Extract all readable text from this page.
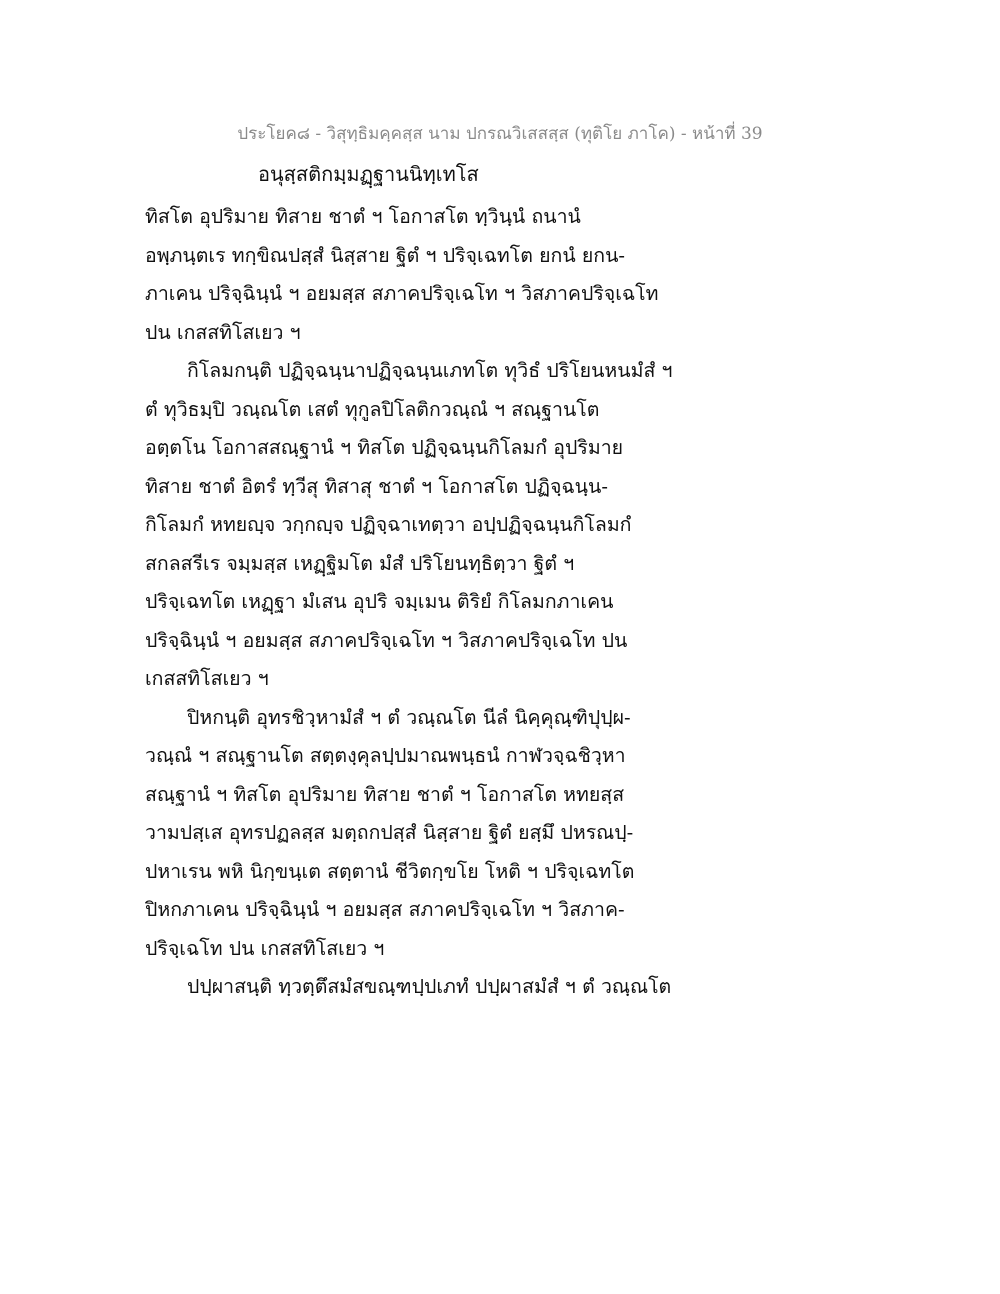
ประโยค๘ - วิสุทฺธิมคฺคสฺส นาม ปกรณวิเสสสฺส (ทุติโย ภาโค) - หน้าที่ 39
อนุสฺสติกมฺมฏฺฐานนิทฺเทโส
ทิสโต อุปริมาย ทิสาย ชาตํ ฯ โอกาสโต ทฺวินฺนํ ถนานํ
อพฺภนฺตเร ทกฺขิณปสฺสํ นิสฺสาย ฐิตํ ฯ ปริจฺเฉทโต ยกนํ ยกน-
ภาเคน ปริจฺฉินฺนํ ฯ อยมสฺส สภาคปริจฺเฉโท ฯ วิสภาคปริจฺเฉโท
ปน เกสสทิโสเยว ฯ
กิโลมกนฺติ ปฏิจฺฉนฺนาปฏิจฺฉนฺนเภทโต ทุวิธํ ปริโยนหนมํสํ ฯ
ตํ ทุวิธมฺปิ วณฺณโต เสตํ ทุกูลปิโลติกวณฺณํ ฯ สณฺฐานโต
อตฺตโน โอกาสสณฺฐานํ ฯ ทิสโต ปฏิจฺฉนฺนกิโลมกํ อุปริมาย
ทิสาย ชาตํ อิตรํ ทฺวีสุ ทิสาสุ ชาตํ ฯ โอกาสโต ปฏิจฺฉนฺน-
กิโลมกํ หทยญฺจ วกฺกญฺจ ปฏิจฺฉาเทตฺวา อปฺปฏิจฺฉนฺนกิโลมกํ
สกลสรีเร จมฺมสฺส เหฏฺฐิมโต มํสํ ปริโยนทฺธิตฺวา ฐิตํ ฯ
ปริจฺเฉทโต เหฏฺฐา มํเสน อุปริ จมฺเมน ติริยํ กิโลมกภาเคน
ปริจฺฉินฺนํ ฯ อยมสฺส สภาคปริจฺเฉโท ฯ วิสภาคปริจฺเฉโท ปน
เกสสทิโสเยว ฯ
ปิหกนฺติ อุทรชิวฺหามํสํ ฯ ตํ วณฺณโต นีลํ นิคฺคุณฺฑิปุปฺผ-
วณฺณํ ฯ สณฺฐานโต สตฺตงฺคุลปฺปมาณพนฺธนํ กาฬวจฺฉชิวฺหา
สณฺฐานํ ฯ ทิสโต อุปริมาย ทิสาย ชาตํ ฯ โอกาสโต หทยสฺส
วามปสฺเส อุทรปฏลสฺส มตฺถกปสฺสํ นิสฺสาย ฐิตํ ยสฺมึ ปหรณปฺ-
ปหาเรน พหิ นิกฺขนฺเต สตฺตานํ ชีวิตกฺขโย โหติ ฯ ปริจฺเฉทโต
ปิหกภาเคน ปริจฺฉินฺนํ ฯ อยมสฺส สภาคปริจฺเฉโท ฯ วิสภาค-
ปริจฺเฉโท ปน เกสสทิโสเยว ฯ
ปปฺผาสนฺติ ทฺวตฺตึสมํสขณฺฑปฺปเภทํ ปปฺผาสมํสํ ฯ ตํ วณฺณโต
